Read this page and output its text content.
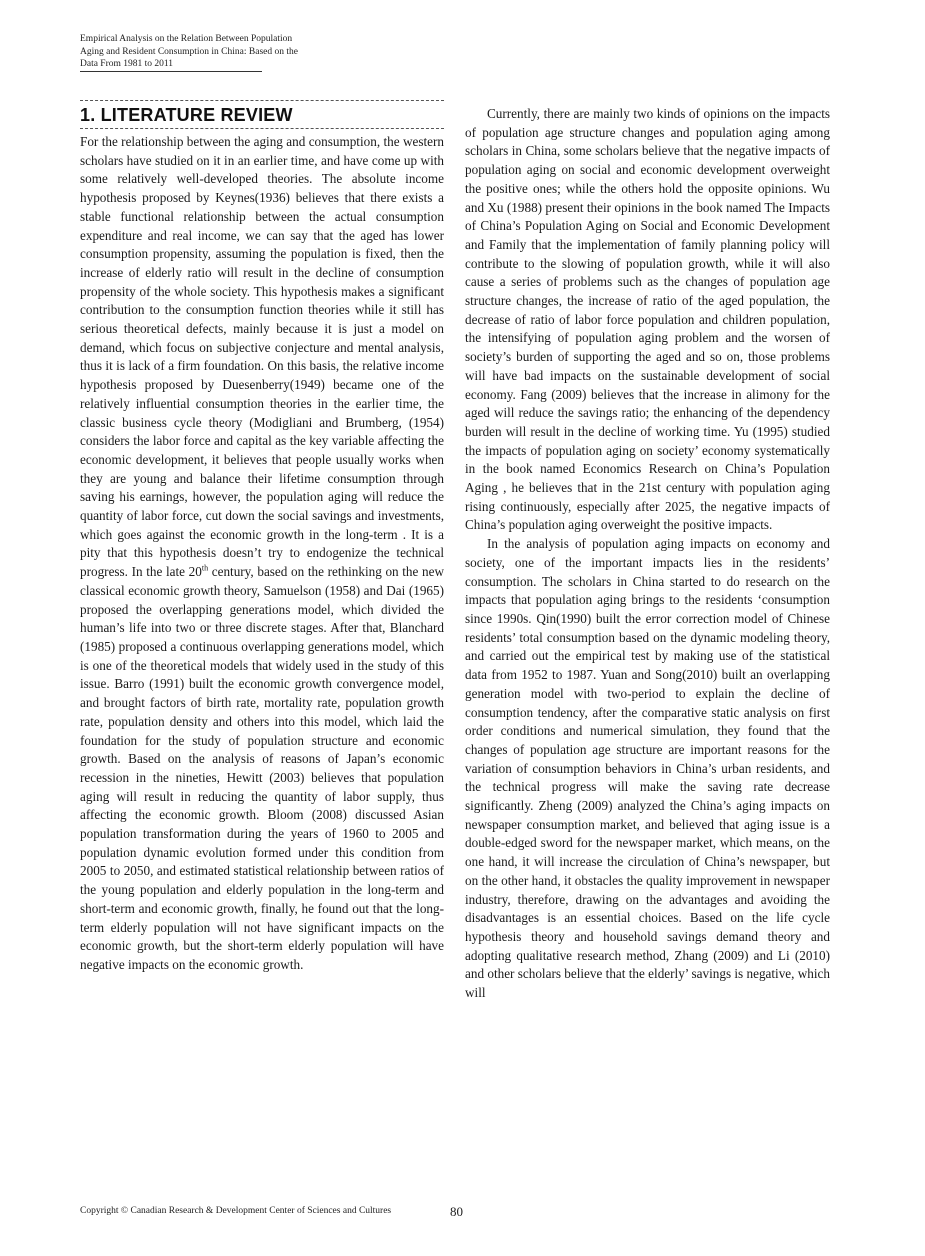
Empirical Analysis on the Relation Between Population
Aging and Resident Consumption in China: Based on the
Data From 1981 to 2011
1. LITERATURE REVIEW

For the relationship between the aging and consumption, the western scholars have studied on it in an earlier time, and have come up with some relatively well-developed theories. The absolute income hypothesis proposed by Keynes(1936) believes that there exists a stable functional relationship between the actual consumption expenditure and real income, we can say that the aged has lower consumption propensity, assuming the population is fixed, then the increase of elderly ratio will result in the decline of consumption propensity of the whole society. This hypothesis makes a significant contribution to the consumption function theories while it still has serious theoretical defects, mainly because it is just a model on demand, which focus on subjective conjecture and mental analysis, thus it is lack of a firm foundation. On this basis, the relative income hypothesis proposed by Duesenberry(1949) became one of the relatively influential consumption theories in the earlier time, the classic business cycle theory (Modigliani and Brumberg, (1954) considers the labor force and capital as the key variable affecting the economic development, it believes that people usually works when they are young and balance their lifetime consumption through saving his earnings, however, the population aging will reduce the quantity of labor force, cut down the social savings and investments, which goes against the economic growth in the long-term . It is a pity that this hypothesis doesn’t try to endogenize the technical progress. In the late 20th century, based on the rethinking on the new classical economic growth theory, Samuelson (1958) and Dai (1965) proposed the overlapping generations model, which divided the human’s life into two or three discrete stages. After that, Blanchard (1985) proposed a continuous overlapping generations model, which is one of the theoretical models that widely used in the study of this issue. Barro (1991) built the economic growth convergence model, and brought factors of birth rate, mortality rate, population growth rate, population density and others into this model, which laid the foundation for the study of population structure and economic growth. Based on the analysis of reasons of Japan’s economic recession in the nineties, Hewitt (2003) believes that population aging will result in reducing the quantity of labor supply, thus affecting the economic growth. Bloom (2008) discussed Asian population transformation during the years of 1960 to 2005 and population dynamic evolution formed under this condition from 2005 to 2050, and estimated statistical relationship between ratios of the young population and elderly population in the long-term and short-term and economic growth, finally, he found out that the long-term elderly population will not have significant impacts on the economic growth, but the short-term elderly population will have negative impacts on the economic growth.

Currently, there are mainly two kinds of opinions on the impacts of population age structure changes and population aging among scholars in China, some scholars believe that the negative impacts of population aging on social and economic development overweight the positive ones; while the others hold the opposite opinions. Wu and Xu (1988) present their opinions in the book named The Impacts of China’s Population Aging on Social and Economic Development and Family that the implementation of family planning policy will contribute to the slowing of population growth, while it will also cause a series of problems such as the changes of population age structure changes, the increase of ratio of the aged population, the decrease of ratio of labor force population and children population, the intensifying of population aging problem and the worsen of society’s burden of supporting the aged and so on, those problems will have bad impacts on the sustainable development of social economy. Fang (2009) believes that the increase in alimony for the aged will reduce the savings ratio; the enhancing of the dependency burden will result in the decline of working time. Yu (1995) studied the impacts of population aging on society’ economy systematically in the book named Economics Research on China’s Population Aging , he believes that in the 21st century with population aging rising continuously, especially after 2025, the negative impacts of China’s population aging overweight the positive impacts.

In the analysis of population aging impacts on economy and society, one of the important impacts lies in the residents’ consumption. The scholars in China started to do research on the impacts that population aging brings to the residents ‘consumption since 1990s. Qin(1990) built the error correction model of Chinese residents’ total consumption based on the dynamic modeling theory, and carried out the empirical test by making use of the statistical data from 1952 to 1987. Yuan and Song(2010) built an overlapping generation model with two-period to explain the decline of consumption tendency, after the comparative static analysis on first order conditions and numerical simulation, they found that the changes of population age structure are important reasons for the variation of consumption behaviors in China’s urban residents, and the technical progress will make the saving rate decrease significantly. Zheng (2009) analyzed the China’s aging impacts on newspaper consumption market, and believed that aging issue is a double-edged sword for the newspaper market, which means, on the one hand, it will increase the circulation of China’s newspaper, but on the other hand, it obstacles the quality improvement in newspaper industry, therefore, drawing on the advantages and avoiding the disadvantages is an essential choices. Based on the life cycle hypothesis theory and household savings demand theory and adopting qualitative research method, Zhang (2009) and Li (2010) and other scholars believe that the elderly’ savings is negative, which will

Copyright © Canadian Research & Development Center of Sciences and Cultures	80
